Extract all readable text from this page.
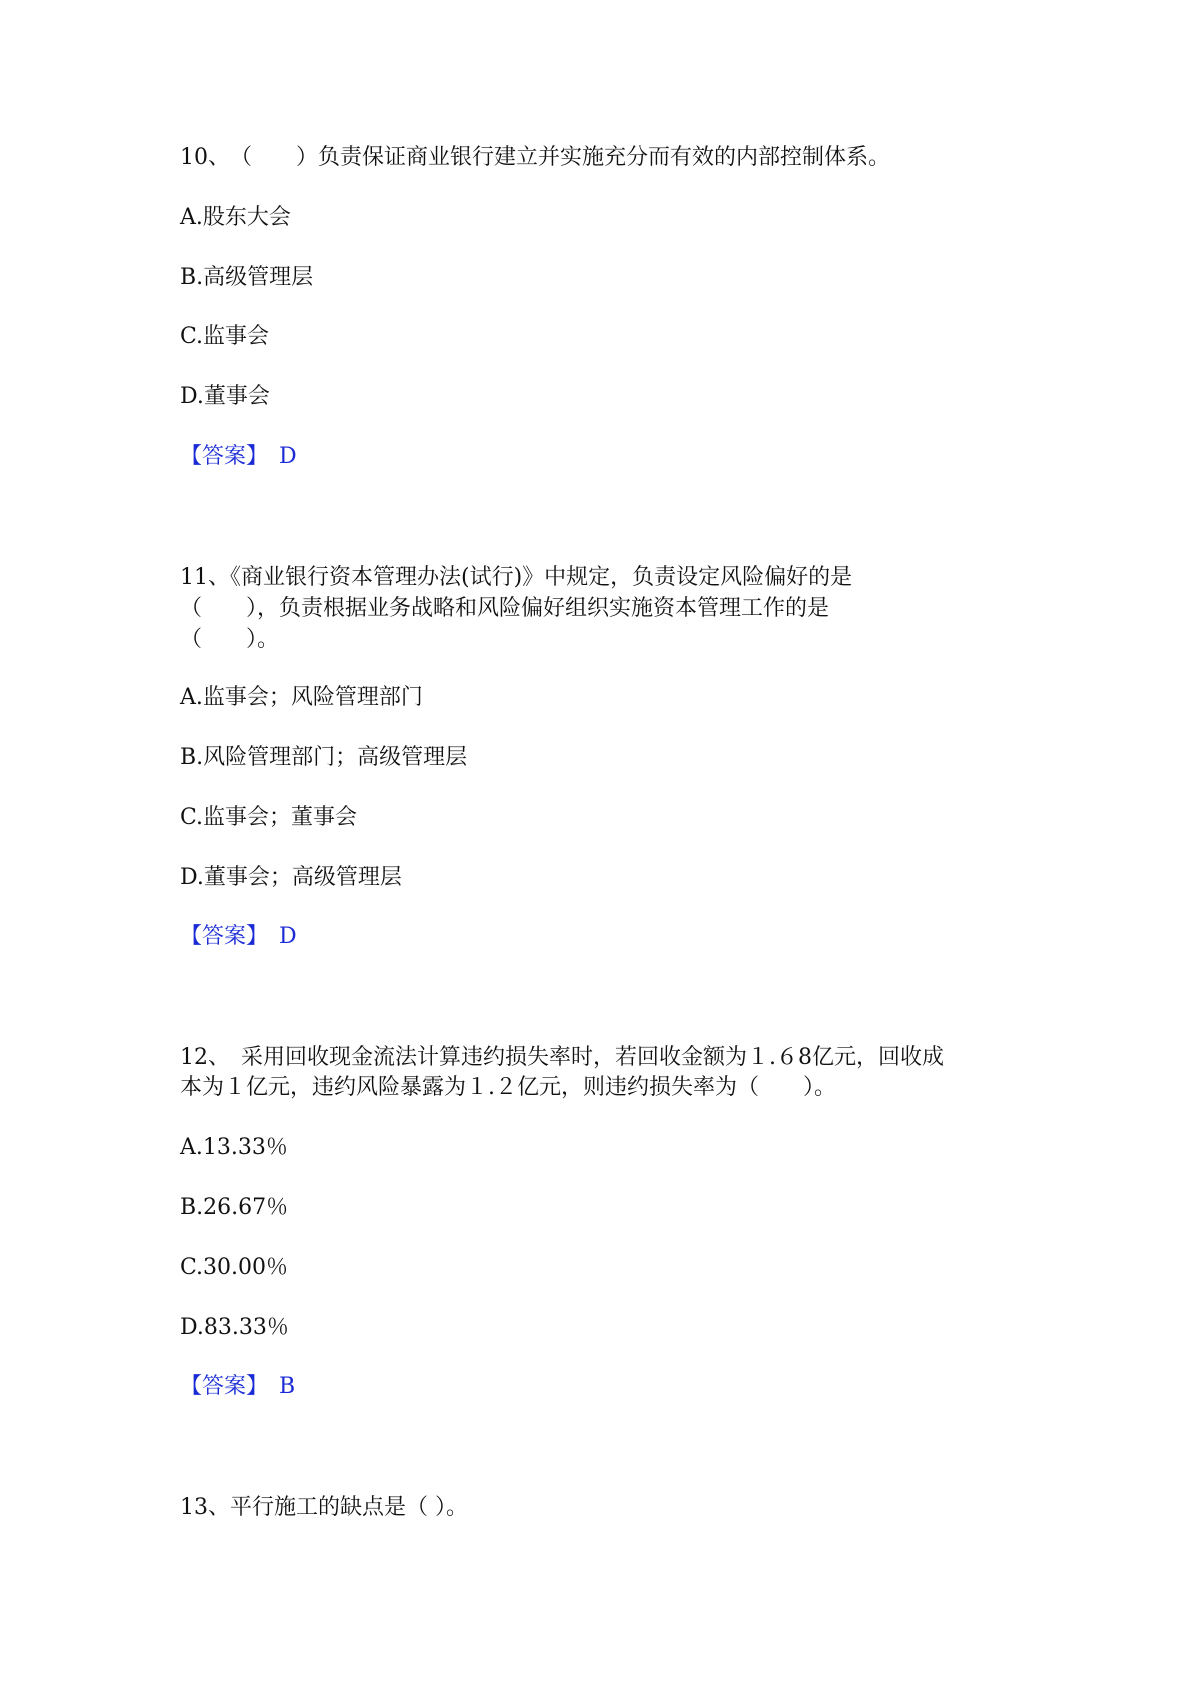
10、　（　　）负责保证商业银行建立并实施充分而有效的内部控制体系。
A.股东大会
B.高级管理层
C.监事会
D.董事会
【答案】　 D
11、《商业银行资本管理办法(试行)》中规定，负责设定风险偏好的是
（　　），负责根据业务战略和风险偏好组织实施资本管理工作的是
（　　）。
A.监事会；风险管理部门
B.风险管理部门；高级管理层
C.监事会；董事会
D.董事会；高级管理层
【答案】　 D
12、　采用回收现金流法计算违约损失率时，若回收金额为１.６8亿元，回收成
本为１亿元，违约风险暴露为１.２亿元，则违约损失率为（　　）。
A.13.33％
B.26.67％
C.30.00％
D.83.33％
【答案】　 B
13、平行施工的缺点是（ ）。
